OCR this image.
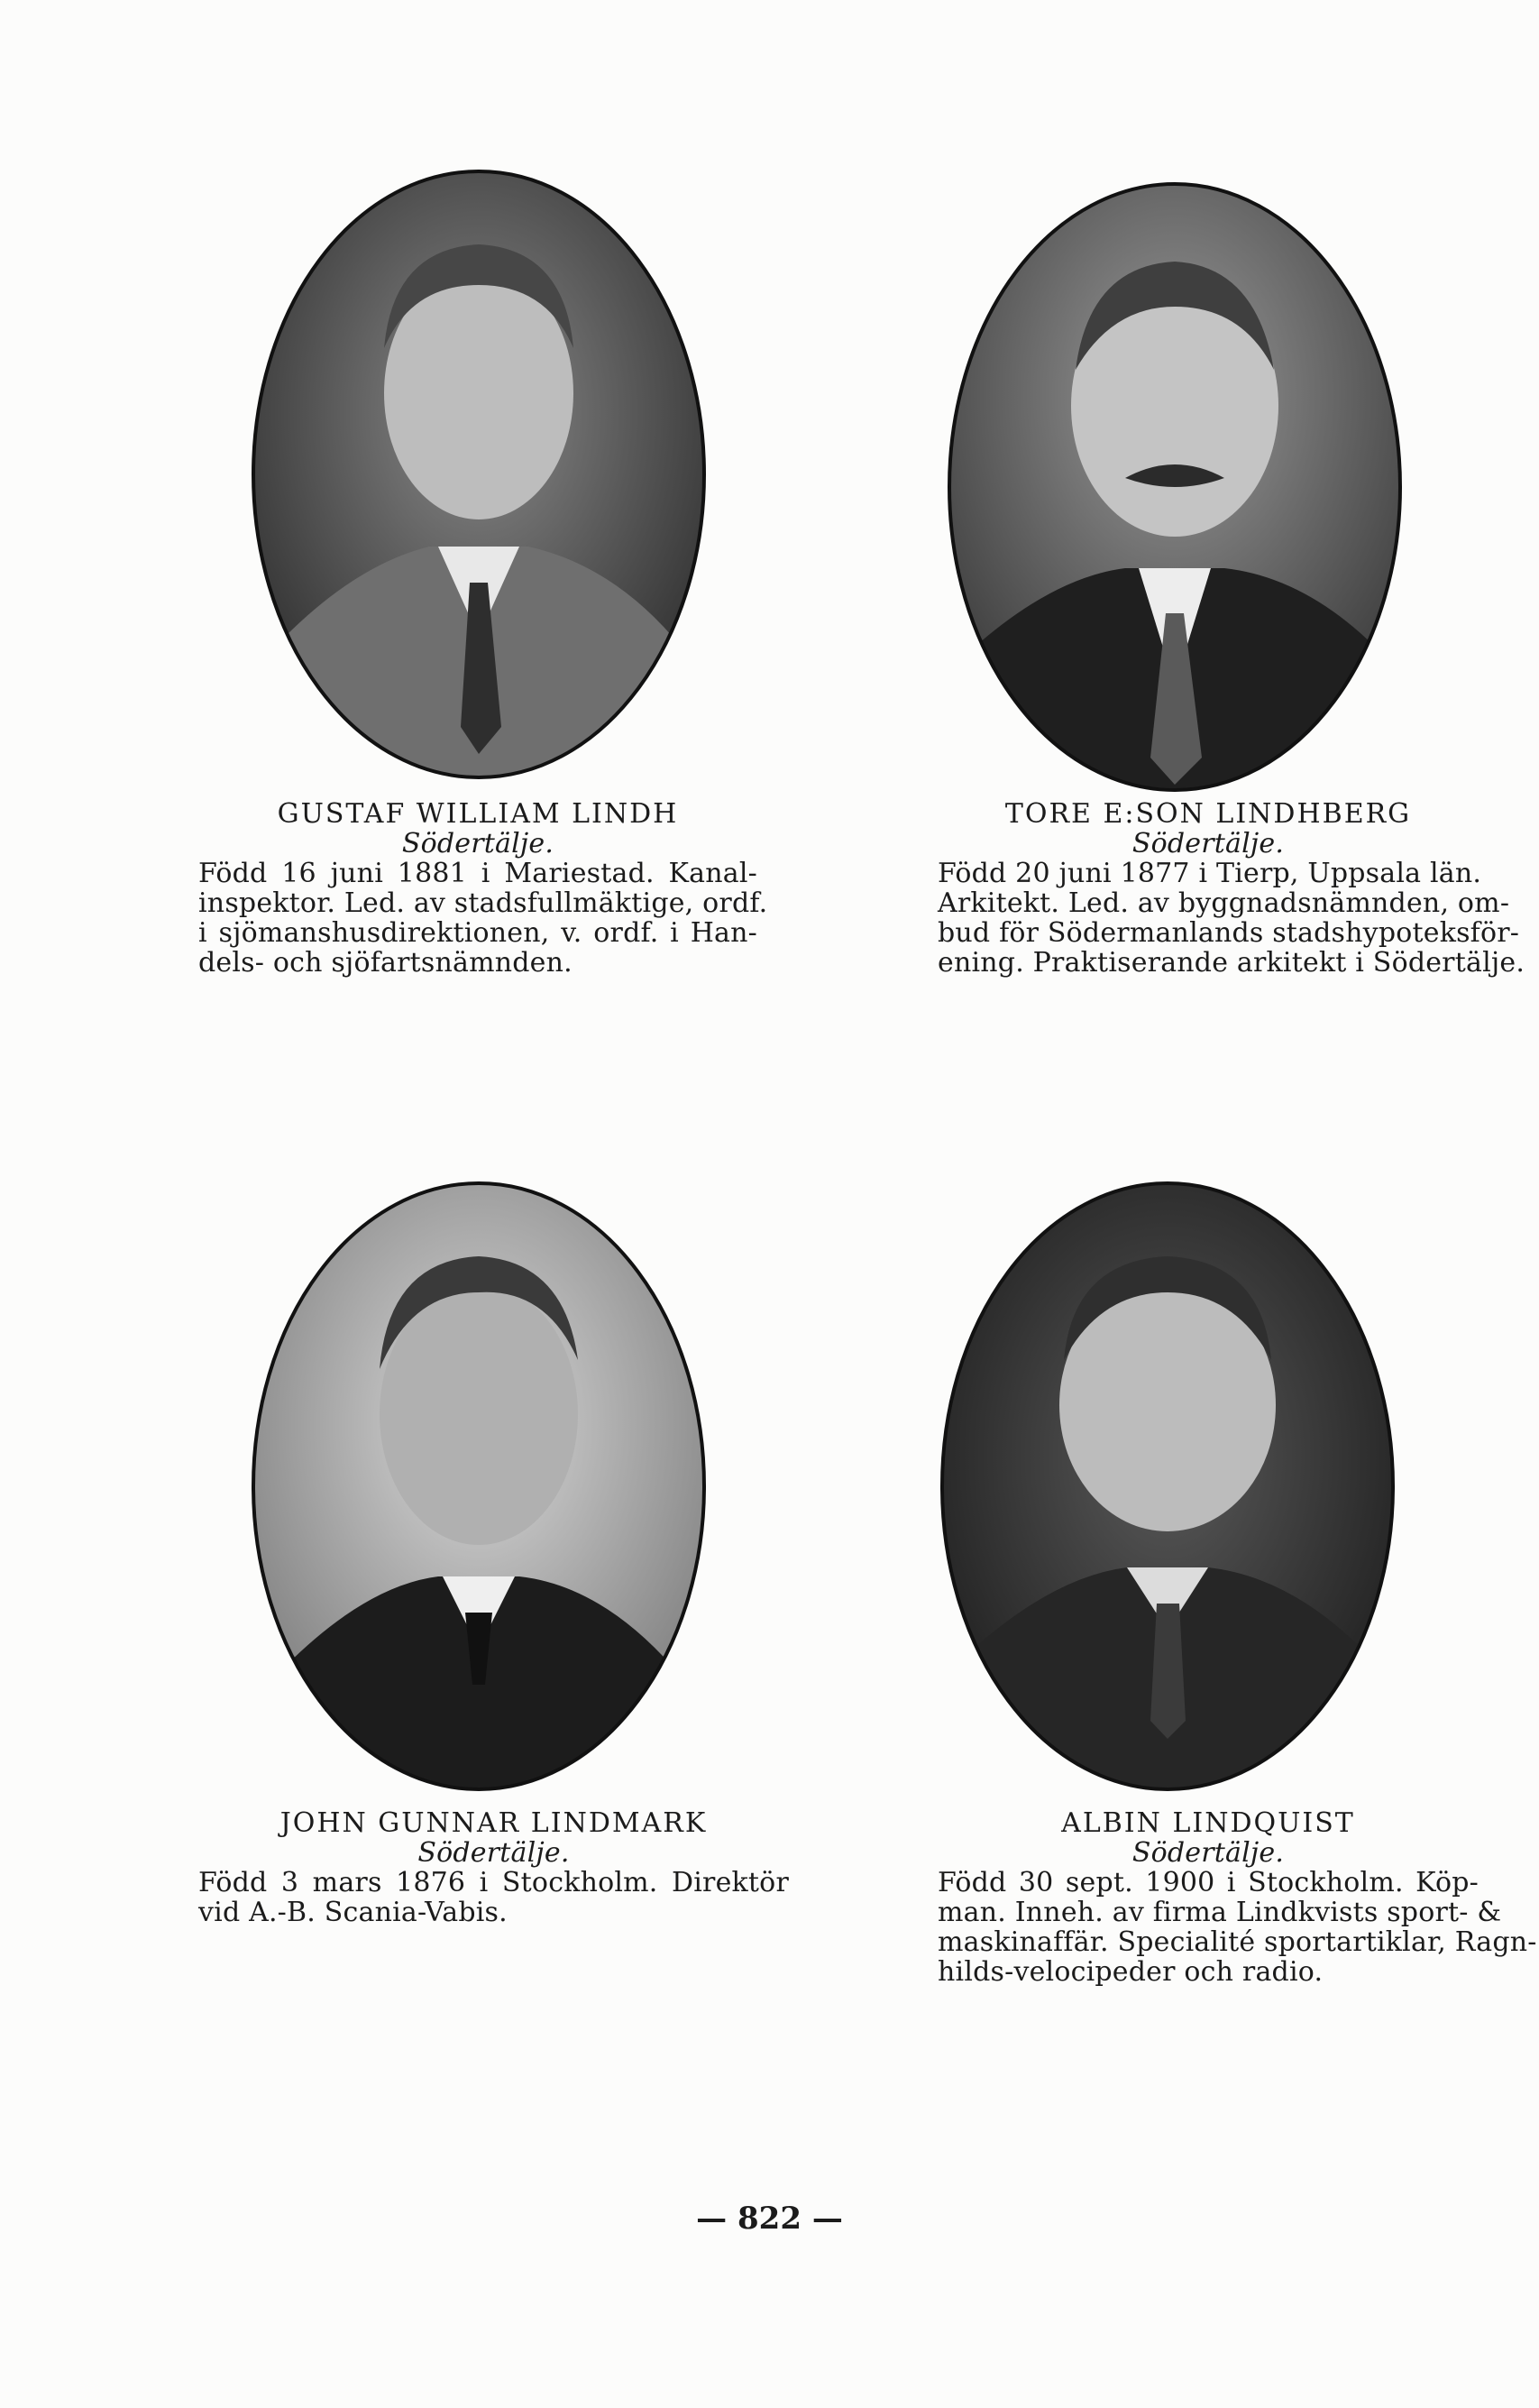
GUSTAF WILLIAM LINDH
Södertälje.
Född 16 juni 1881 i Mariestad. Kanal-
inspektor. Led. av stadsfullmäktige, ordf.
i sjömanshusdirektionen, v. ordf. i Han-
dels- och sjöfartsnämnden.
TORE E:SON LINDHBERG
Södertälje.
Född 20 juni 1877 i Tierp, Uppsala län.
Arkitekt. Led. av byggnadsnämnden, om-
bud för Södermanlands stadshypoteksför-
ening. Praktiserande arkitekt i Södertälje.
JOHN GUNNAR LINDMARK
Södertälje.
Född 3 mars 1876 i Stockholm. Direktör
vid A.-B. Scania-Vabis.
ALBIN LINDQUIST
Södertälje.
Född 30 sept. 1900 i Stockholm. Köp-
man. Inneh. av firma Lindkvists sport- &
maskinaffär. Specialité sportartiklar, Ragn-
hilds-velocipeder och radio.
— 822 —
